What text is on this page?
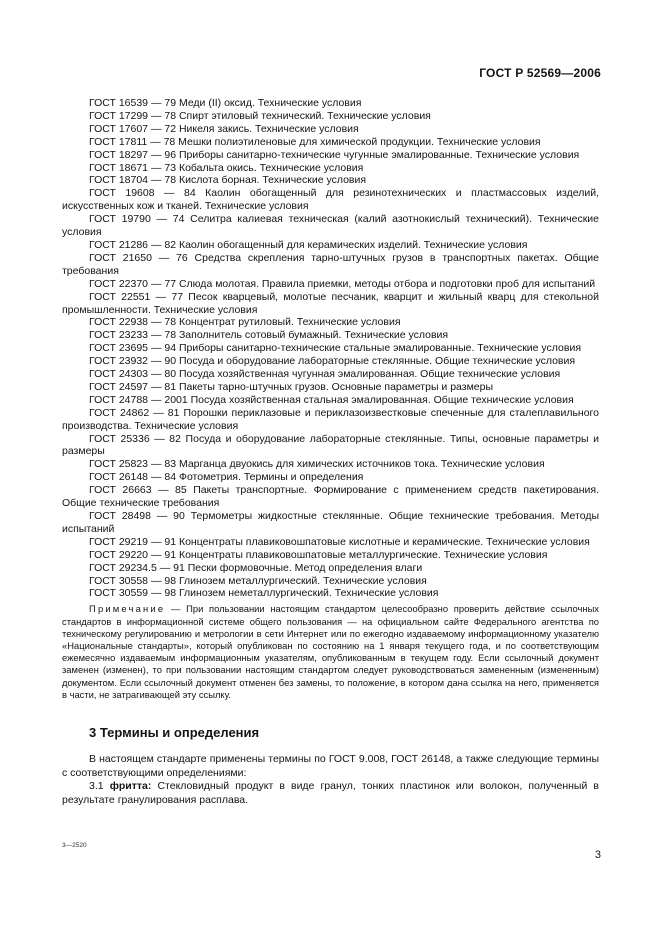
ГОСТ Р 52569—2006

ГОСТ 16539 — 79 Меди (II) оксид. Технические условия

ГОСТ 17299 — 78 Спирт этиловый технический. Технические условия

ГОСТ 17607 — 72 Никеля закись. Технические условия

ГОСТ 17811 — 78 Мешки полиэтиленовые для химической продукции. Технические условия

ГОСТ 18297 — 96 Приборы санитарно-технические чугунные эмалированные. Технические условия

ГОСТ 18671 — 73 Кобальта окись. Технические условия

ГОСТ 18704 — 78 Кислота борная. Технические условия

ГОСТ 19608 — 84 Каолин обогащенный для резинотехнических и пластмассовых изделий, искусственных кож и тканей. Технические условия

ГОСТ 19790 — 74 Селитра калиевая техническая (калий азотнокислый технический). Технические условия

ГОСТ 21286 — 82 Каолин обогащенный для керамических изделий. Технические условия

ГОСТ 21650 — 76 Средства скрепления тарно-штучных грузов в транспортных пакетах. Общие требования

ГОСТ 22370 — 77 Слюда молотая. Правила приемки, методы отбора и подготовки проб для испытаний

ГОСТ 22551 — 77 Песок кварцевый, молотые песчаник, кварцит и жильный кварц для стекольной промышленности. Технические условия

ГОСТ 22938 — 78 Концентрат рутиловый. Технические условия

ГОСТ 23233 — 78 Заполнитель сотовый бумажный. Технические условия

ГОСТ 23695 — 94 Приборы санитарно-технические стальные эмалированные. Технические условия

ГОСТ 23932 — 90 Посуда и оборудование лабораторные стеклянные. Общие технические условия

ГОСТ 24303 — 80 Посуда хозяйственная чугунная эмалированная. Общие технические условия

ГОСТ 24597 — 81 Пакеты тарно-штучных грузов. Основные параметры и размеры

ГОСТ 24788 — 2001 Посуда хозяйственная стальная эмалированная. Общие технические условия

ГОСТ 24862 — 81 Порошки периклазовые и периклазоизвестковые спеченные для сталеплавильного производства. Технические условия

ГОСТ 25336 — 82 Посуда и оборудование лабораторные стеклянные. Типы, основные параметры и размеры

ГОСТ 25823 — 83 Марганца двуокись для химических источников тока. Технические условия

ГОСТ 26148 — 84 Фотометрия. Термины и определения

ГОСТ 26663 — 85 Пакеты транспортные. Формирование с применением средств пакетирования. Общие технические требования

ГОСТ 28498 — 90 Термометры жидкостные стеклянные. Общие технические требования. Методы испытаний

ГОСТ 29219 — 91 Концентраты плавиковошпатовые кислотные и керамические. Технические условия

ГОСТ 29220 — 91 Концентраты плавиковошпатовые металлургические. Технические условия

ГОСТ 29234.5 — 91 Пески формовочные. Метод определения влаги

ГОСТ 30558 — 98 Глинозем металлургический. Технические условия

ГОСТ 30559 — 98 Глинозем неметаллургический. Технические условия

Примечание — При пользовании настоящим стандартом целесообразно проверить действие ссылочных стандартов в информационной системе общего пользования — на официальном сайте Федерального агентства по техническому регулированию и метрологии в сети Интернет или по ежегодно издаваемому информационному указателю «Национальные стандарты», который опубликован по состоянию на 1 января текущего года, и по соответствующим ежемесячно издаваемым информационным указателям, опубликованным в текущем году. Если ссылочный документ заменен (изменен), то при пользовании настоящим стандартом следует руководствоваться замененным (измененным) документом. Если ссылочный документ отменен без замены, то положение, в котором дана ссылка на него, применяется в части, не затрагивающей эту ссылку.

3 Термины и определения

В настоящем стандарте применены термины по ГОСТ 9.008, ГОСТ 26148, а также следующие термины с соответствующими определениями:

3.1 фритта: Стекловидный продукт в виде гранул, тонких пластинок или волокон, полученный в результате гранулирования расплава.

3—2520
3
